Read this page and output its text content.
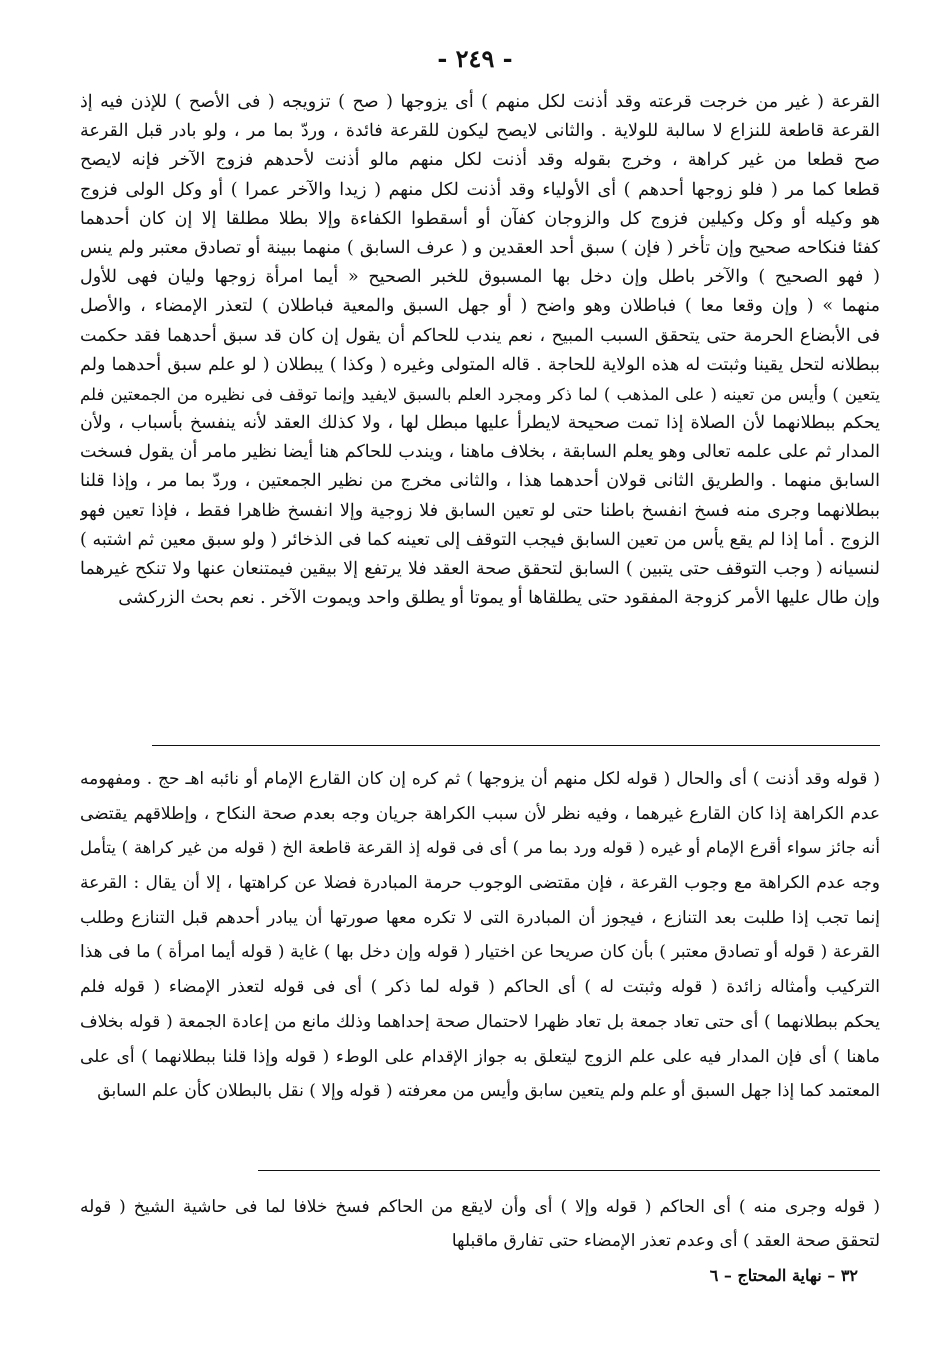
- ٢٤٩ -
القرعة ( غير من خرجت قرعته وقد أذنت لكل منهم ) أى يزوجها ( صح ) تزويجه ( فى الأصح ) للإذن فيه إذ
القرعة قاطعة للنزاع لا سالبة للولاية . والثانى لايصح ليكون للقرعة فائدة ، وردّ بما مر ، ولو بادر قبل القرعة
صح قطعا من غير كراهة ، وخرج بقوله وقد أذنت لكل منهم مالو أذنت لأحدهم فزوج الآخر فإنه لايصح
قطعا كما مر ( فلو زوجها أحدهم ) أى الأولياء وقد أذنت لكل منهم ( زيدا والآخر عمرا ) أو وكل الولى فزوج
هو وكيله أو وكل وكيلين فزوج كل والزوجان كفآن أو أسقطوا الكفاءة وإلا بطلا مطلقا إلا إن كان أحدهما
كفئا فنكاحه صحيح وإن تأخر ( فإن ) سبق أحد العقدين و ( عرف السابق ) منهما ببينة أو تصادق معتبر ولم ينس
( فهو الصحيح ) والآخر باطل وإن دخل بها المسبوق للخبر الصحيح « أيما امرأة زوجها وليان فهى للأول
منهما » ( وإن وقعا معا ) فباطلان وهو واضح ( أو جهل السبق والمعية فباطلان ) لتعذر الإمضاء ، والأصل
فى الأبضاع الحرمة حتى يتحقق السبب المبيح ، نعم يندب للحاكم أن يقول إن كان قد سبق أحدهما فقد حكمت
ببطلانه لتحل يقينا وثبتت له هذه الولاية للحاجة . قاله المتولى وغيره ( وكذا ) يبطلان ( لو علم سبق أحدهما ولم
يتعين ) وأيس من تعينه ( على المذهب ) لما ذكر ومجرد العلم بالسبق لايفيد وإنما توقف فى نظيره من الجمعتين فلم
يحكم ببطلانهما لأن الصلاة إذا تمت صحيحة لايطرأ عليها مبطل لها ، ولا كذلك العقد لأنه ينفسخ بأسباب ، ولأن
المدار ثم على علمه تعالى وهو يعلم السابقة ، بخلاف ماهنا ، ويندب للحاكم هنا أيضا نظير مامر أن يقول فسخت
السابق منهما . والطريق الثانى قولان أحدهما هذا ، والثانى مخرج من نظير الجمعتين ، وردّ بما مر ، وإذا قلنا
ببطلانهما وجرى منه فسخ انفسخ باطنا حتى لو تعين السابق فلا زوجية وإلا انفسخ ظاهرا فقط ، فإذا تعين فهو
الزوج . أما إذا لم يقع يأس من تعين السابق فيجب التوقف إلى تعينه كما فى الذخائر ( ولو سبق معين ثم اشتبه )
لنسيانه ( وجب التوقف حتى يتبين ) السابق لتحقق صحة العقد فلا يرتفع إلا بيقين فيمتنعان عنها ولا تنكح غيرهما
وإن طال عليها الأمر كزوجة المفقود حتى يطلقاها أو يموتا أو يطلق واحد ويموت الآخر . نعم بحث الزركشى
( قوله وقد أذنت ) أى والحال ( قوله لكل منهم أن يزوجها ) ثم كره إن كان القارع الإمام أو نائبه اهـ حج . ومفهومه
عدم الكراهة إذا كان القارع غيرهما ، وفيه نظر لأن سبب الكراهة جريان وجه بعدم صحة النكاح ، وإطلاقهم يقتضى
أنه جائز سواء أقرع الإمام أو غيره ( قوله ورد بما مر ) أى فى قوله إذ القرعة قاطعة الخ ( قوله من غير كراهة ) يتأمل
وجه عدم الكراهة مع وجوب القرعة ، فإن مقتضى الوجوب حرمة المبادرة فضلا عن كراهتها ، إلا أن يقال : القرعة
إنما تجب إذا طلبت بعد التنازع ، فيجوز أن المبادرة التى لا تكره معها صورتها أن يبادر أحدهم قبل التنازع وطلب
القرعة ( قوله أو تصادق معتبر ) بأن كان صريحا عن اختيار ( قوله وإن دخل بها ) غاية ( قوله أيما امرأة ) ما فى هذا
التركيب وأمثاله زائدة ( قوله وثبتت له ) أى الحاكم ( قوله لما ذكر ) أى فى قوله لتعذر الإمضاء ( قوله فلم
يحكم ببطلانهما ) أى حتى تعاد جمعة بل تعاد ظهرا لاحتمال صحة إحداهما وذلك مانع من إعادة الجمعة ( قوله بخلاف
ماهنا ) أى فإن المدار فيه على علم الزوج ليتعلق به جواز الإقدام على الوطء ( قوله وإذا قلنا ببطلانهما ) أى على
المعتمد كما إذا جهل السبق أو علم ولم يتعين سابق وأيس من معرفته ( قوله وإلا ) نقل بالبطلان كأن علم السابق
( قوله وجرى منه ) أى الحاكم ( قوله وإلا ) أى وأن لايقع من الحاكم فسخ خلافا لما فى حاشية الشيخ ( قوله
لتحقق صحة العقد ) أى وعدم تعذر الإمضاء حتى تفارق ماقبلها
٣٢ – نهاية المحتاج – ٦
